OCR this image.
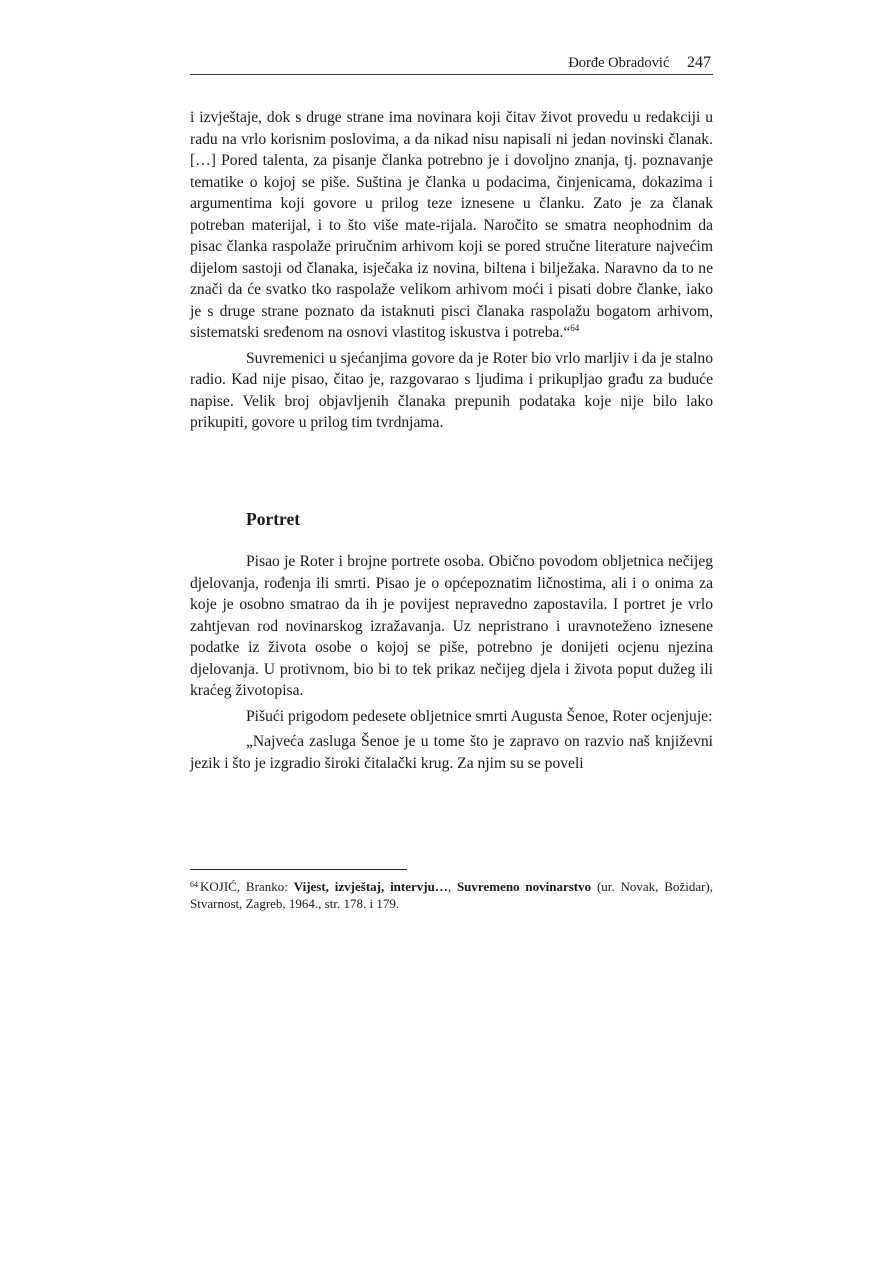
Đorđe Obradović 247

i izvještaje, dok s druge strane ima novinara koji čitav život provedu u redakciji u radu na vrlo korisnim poslovima, a da nikad nisu napisali ni jedan novinski članak. […] Pored talenta, za pisanje članka potrebno je i dovoljno znanja, tj. poznavanje tematike o kojoj se piše. Suština je članka u podacima, činjenicama, dokazima i argumentima koji govore u prilog teze iznesene u članku. Zato je za članak potreban materijal, i to što više mate-rijala. Naročito se smatra neophodnim da pisac članka raspolaže priručnim arhivom koji se pored stručne literature najvećim dijelom sastoji od članaka, isječaka iz novina, biltena i bilježaka. Naravno da to ne znači da će svatko tko raspolaže velikom arhivom moći i pisati dobre članke, iako je s druge strane poznato da istaknuti pisci članaka raspolažu bogatom arhivom, sistematski sređenom na osnovi vlastitog iskustva i potreba.“$^{64}$

Suvremenici u sjećanjima govore da je Roter bio vrlo marljiv i da je stalno radio. Kad nije pisao, čitao je, razgovarao s ljudima i prikupljao građu za buduće napise. Velik broj objavljenih članaka prepunih podataka koje nije bilo lako prikupiti, govore u prilog tim tvrdnjama.

Portret

Pisao je Roter i brojne portrete osoba. Obično povodom obljetnica nečijeg djelovanja, rođenja ili smrti. Pisao je o općepoznatim ličnostima, ali i o onima za koje je osobno smatrao da ih je povijest nepravedno zapostavila. I portret je vrlo zahtjevan rod novinarskog izražavanja. Uz nepristrano i uravnoteženo iznesene podatke iz života osobe o kojoj se piše, potrebno je donijeti ocjenu njezina djelovanja. U protivnom, bio bi to tek prikaz nečijeg djela i života poput dužeg ili kraćeg životopisa.

Pišući prigodom pedesete obljetnice smrti Augusta Šenoe, Roter ocjenjuje:

„Najveća zasluga Šenoe je u tome što je zapravo on razvio naš književni jezik i što je izgradio široki čitalački krug. Za njim su se poveli

$^{64}$ KOJIĆ, Branko: Vijest, izvještaj, intervju…, Suvremeno novinarstvo (ur. Novak, Božidar), Stvarnost, Zagreb, 1964., str. 178. i 179.
